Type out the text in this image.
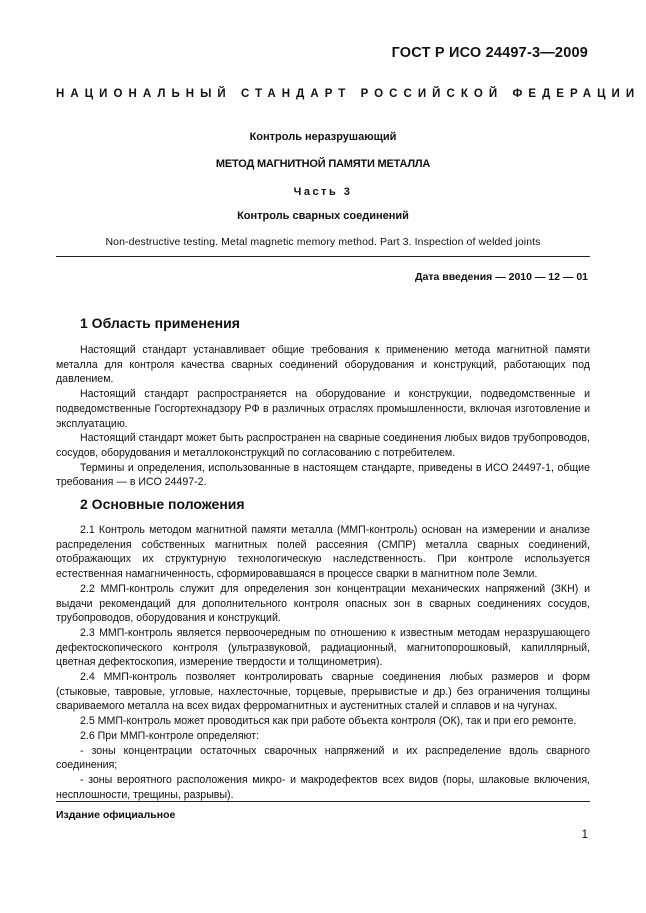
ГОСТ Р ИСО 24497-3—2009
НАЦИОНАЛЬНЫЙ СТАНДАРТ РОССИЙСКОЙ ФЕДЕРАЦИИ
Контроль неразрушающий
МЕТОД МАГНИТНОЙ ПАМЯТИ МЕТАЛЛА
Часть 3
Контроль сварных соединений
Non-destructive testing. Metal magnetic memory method. Part 3. Inspection of welded joints
Дата введения — 2010 — 12 — 01
1 Область применения

Настоящий стандарт устанавливает общие требования к применению метода магнитной памяти металла для контроля качества сварных соединений оборудования и конструкций, работающих под давлением.

Настоящий стандарт распространяется на оборудование и конструкции, подведомственные и подведомственные Госгортехнадзору РФ в различных отраслях промышленности, включая изготовление и эксплуатацию.

Настоящий стандарт может быть распространен на сварные соединения любых видов трубопроводов, сосудов, оборудования и металлоконструкций по согласованию с потребителем.

Термины и определения, использованные в настоящем стандарте, приведены в ИСО 24497-1, общие требования — в ИСО 24497-2.

2 Основные положения

2.1 Контроль методом магнитной памяти металла (ММП-контроль) основан на измерении и анализе распределения собственных магнитных полей рассеяния (СМПР) металла сварных соединений, отображающих их структурную технологическую наследственность. При контроле используется естественная намагниченность, сформировавшаяся в процессе сварки в магнитном поле Земли.

2.2 ММП-контроль служит для определения зон концентрации механических напряжений (ЗКН) и выдачи рекомендаций для дополнительного контроля опасных зон в сварных соединениях сосудов, трубопроводов, оборудования и конструкций.

2.3 ММП-контроль является первоочередным по отношению к известным методам неразрушающего дефектоскопического контроля (ультразвуковой, радиационный, магнитопорошковый, капиллярный, цветная дефектоскопия, измерение твердости и толщинометрия).

2.4 ММП-контроль позволяет контролировать сварные соединения любых размеров и форм (стыковые, тавровые, угловые, нахлесточные, торцевые, прерывистые и др.) без ограничения толщины свариваемого металла на всех видах ферромагнитных и аустенитных сталей и сплавов и на чугунах.

2.5 ММП-контроль может проводиться как при работе объекта контроля (ОК), так и при его ремонте.

2.6 При ММП-контроле определяют:

- зоны концентрации остаточных сварочных напряжений и их распределение вдоль сварного соединения;

- зоны вероятного расположения микро- и макродефектов всех видов (поры, шлаковые включения, несплошности, трещины, разрывы).

Издание официальное
1
